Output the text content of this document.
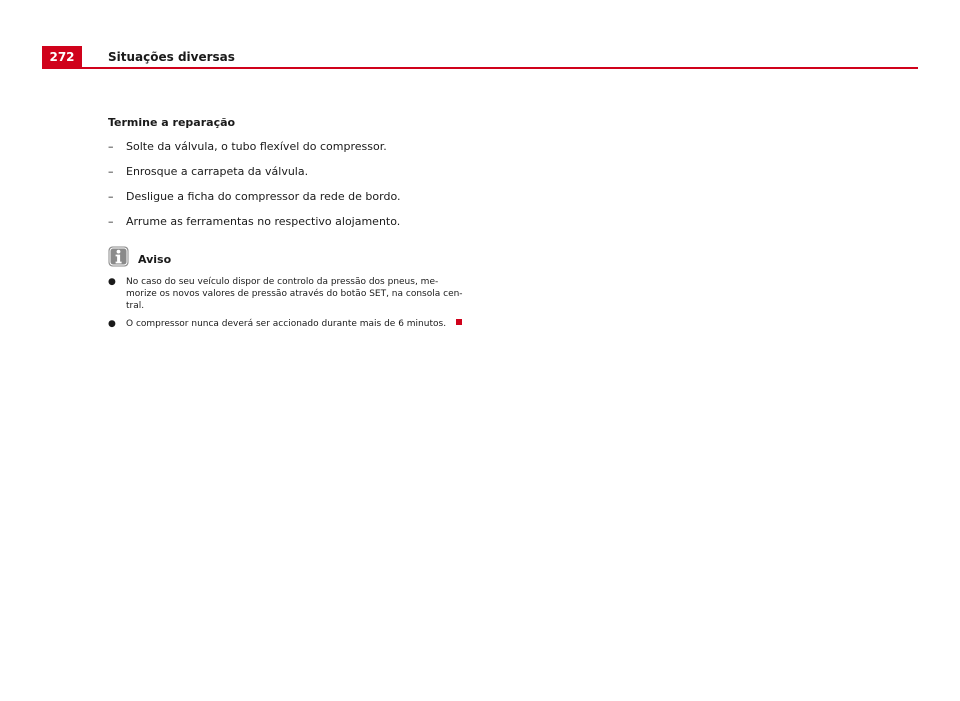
272	Situações diversas
Termine a reparação
– Solte da válvula, o tubo flexível do compressor.
– Enrosque a carrapeta da válvula.
– Desligue a ficha do compressor da rede de bordo.
– Arrume as ferramentas no respectivo alojamento.
Aviso
● No caso do seu veículo dispor de controlo da pressão dos pneus, me-
morize os novos valores de pressão através do botão SET, na consola cen-
tral.
● O compressor nunca deverá ser accionado durante mais de 6 minutos.
